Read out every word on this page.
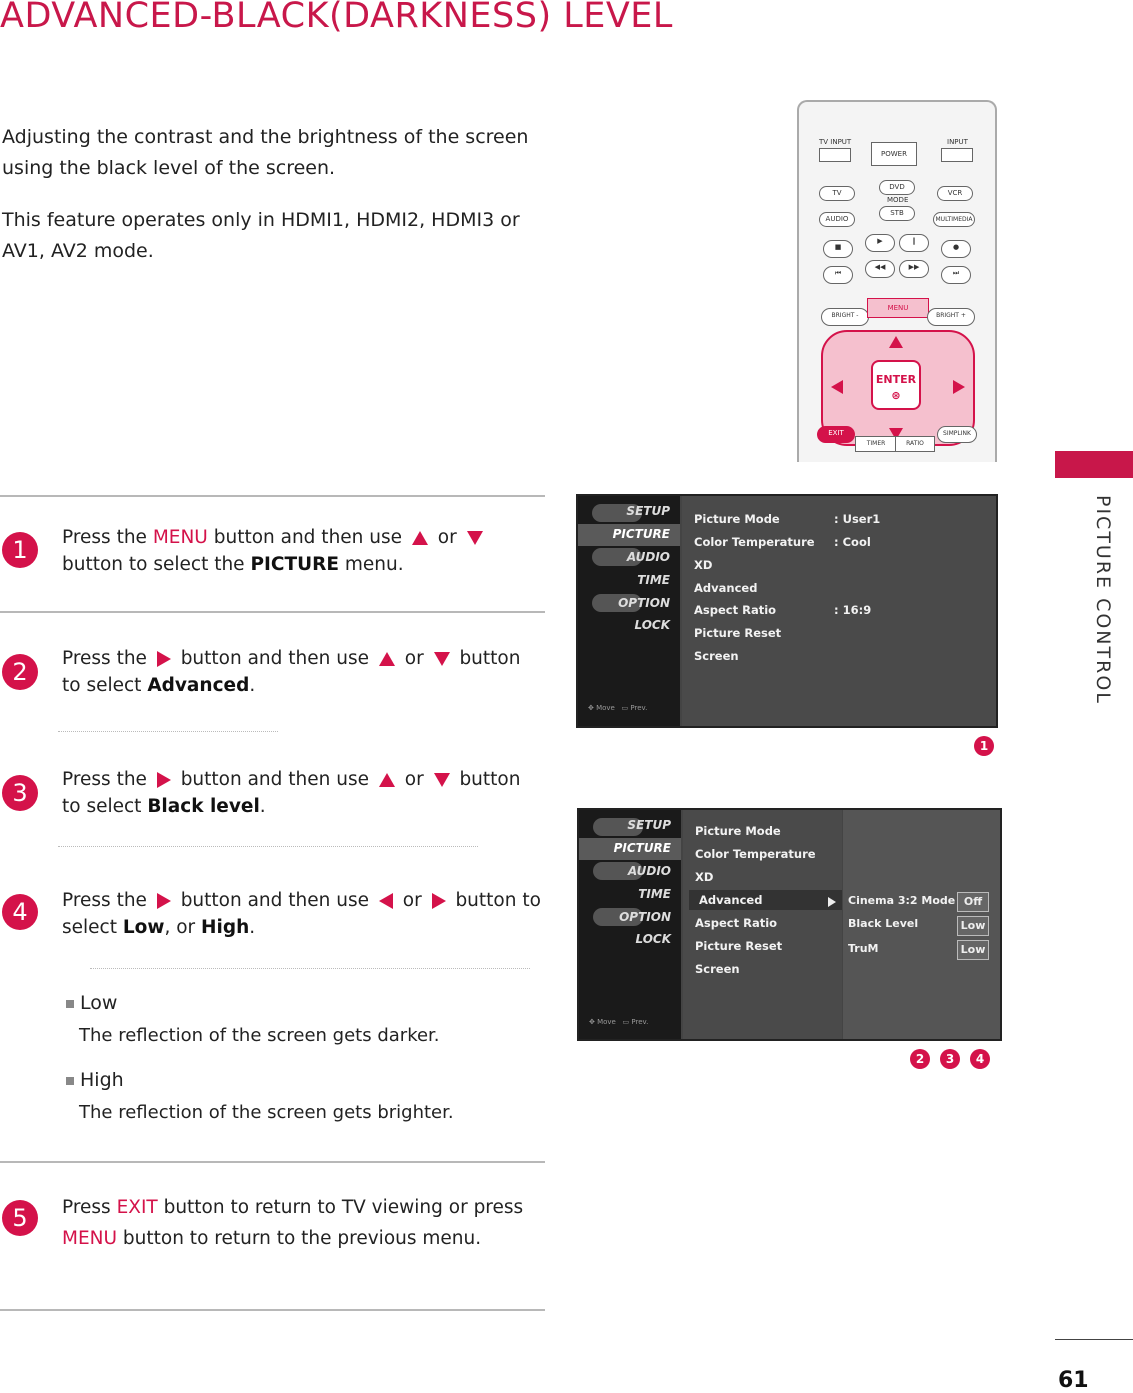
ADVANCED-BLACK(DARKNESS) LEVEL

Adjusting the contrast and the brightness of the screen using the black level of the screen.

This feature operates only in HDMI1, HDMI2, HDMI3 or AV1, AV2 mode.

TV INPUT
POWER
INPUT
TV
DVD
VCR
MODE
AUDIO
STB
MULTIMEDIA
■
▶	‖
●
⏮
◀◀	▶▶
⏭
BRIGHT -
MENU
BRIGHT +
ENTER
⊛
EXIT
TIMER	RATIO
SIMPLINK
PICTURE CONTROL
1	Press the MENU button and then use  or  button to select the PICTURE menu.

2	Press the  button and then use  or  button to select Advanced.

3	Press the  button and then use  or  button to select Black level.

4	Press the  button and then use  or  button to select Low, or High.

Low
The reflection of the screen gets darker.
High
The reflection of the screen gets brighter.
5	Press EXIT button to return to TV viewing or press MENU button to return to the previous menu.

SETUP
PICTURE
AUDIO
TIME
OPTION
LOCK
✥ Move   ▭ Prev.
Picture Mode	: User1
Color Temperature : Cool
XD
Advanced
Aspect Ratio	: 16:9
Picture Reset
Screen
1
SETUP
PICTURE
AUDIO
TIME
OPTION
LOCK
✥ Move   ▭ Prev.
Picture Mode
Color Temperature
XD
Advanced
Aspect Ratio
Picture Reset
Screen
Cinema 3:2 Mode Off
Black Level	Low
TruM	Low
2 3 4
61
